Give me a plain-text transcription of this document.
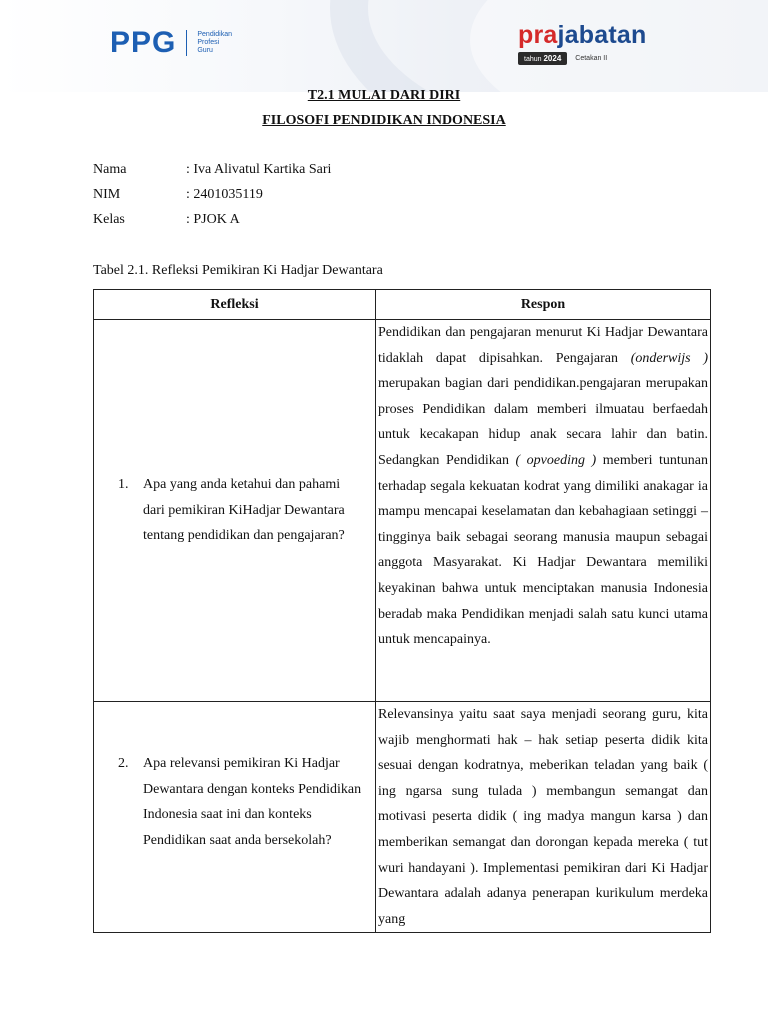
PPG	Pendidikan
Profesi
Guru
prajabatan
tahun 2024	Cetakan II
T2.1 MULAI DARI DIRI
FILOSOFI PENDIDIKAN INDONESIA
Nama	: Iva Alivatul Kartika Sari
NIM	: 2401035119
Kelas	: PJOK A
Tabel 2.1. Refleksi Pemikiran Ki Hadjar Dewantara
Refleksi	Respon

1. Apa yang anda ketahui dan pahami dari pemikiran KiHadjar Dewantara tentang pendidikan dan pengajaran?	Pendidikan dan pengajaran menurut Ki Hadjar Dewantara tidaklah dapat dipisahkan. Pengajaran (onderwijs ) merupakan bagian dari pendidikan.pengajaran merupakan proses Pendidikan dalam memberi ilmuatau berfaedah untuk kecakapan hidup anak secara lahir dan batin. Sedangkan Pendidikan ( opvoeding ) memberi tuntunan terhadap segala kekuatan kodrat yang dimiliki anakagar ia mampu mencapai keselamatan dan kebahagiaan setinggi – tingginya baik sebagai seorang manusia maupun sebagai anggota Masyarakat. Ki Hadjar Dewantara memiliki keyakinan bahwa untuk menciptakan manusia Indonesia beradab maka Pendidikan menjadi salah satu kunci utama untuk mencapainya.

2. Apa relevansi pemikiran Ki Hadjar Dewantara dengan konteks Pendidikan Indonesia saat ini dan konteks Pendidikan saat anda bersekolah?	Relevansinya yaitu saat saya menjadi seorang guru, kita wajib menghormati hak – hak setiap peserta didik kita sesuai dengan kodratnya, meberikan teladan yang baik ( ing ngarsa sung tulada ) membangun semangat dan motivasi peserta didik ( ing madya mangun karsa ) dan memberikan semangat dan dorongan kepada mereka ( tut wuri handayani ). Implementasi pemikiran dari Ki Hadjar Dewantara adalah adanya penerapan kurikulum merdeka yang
